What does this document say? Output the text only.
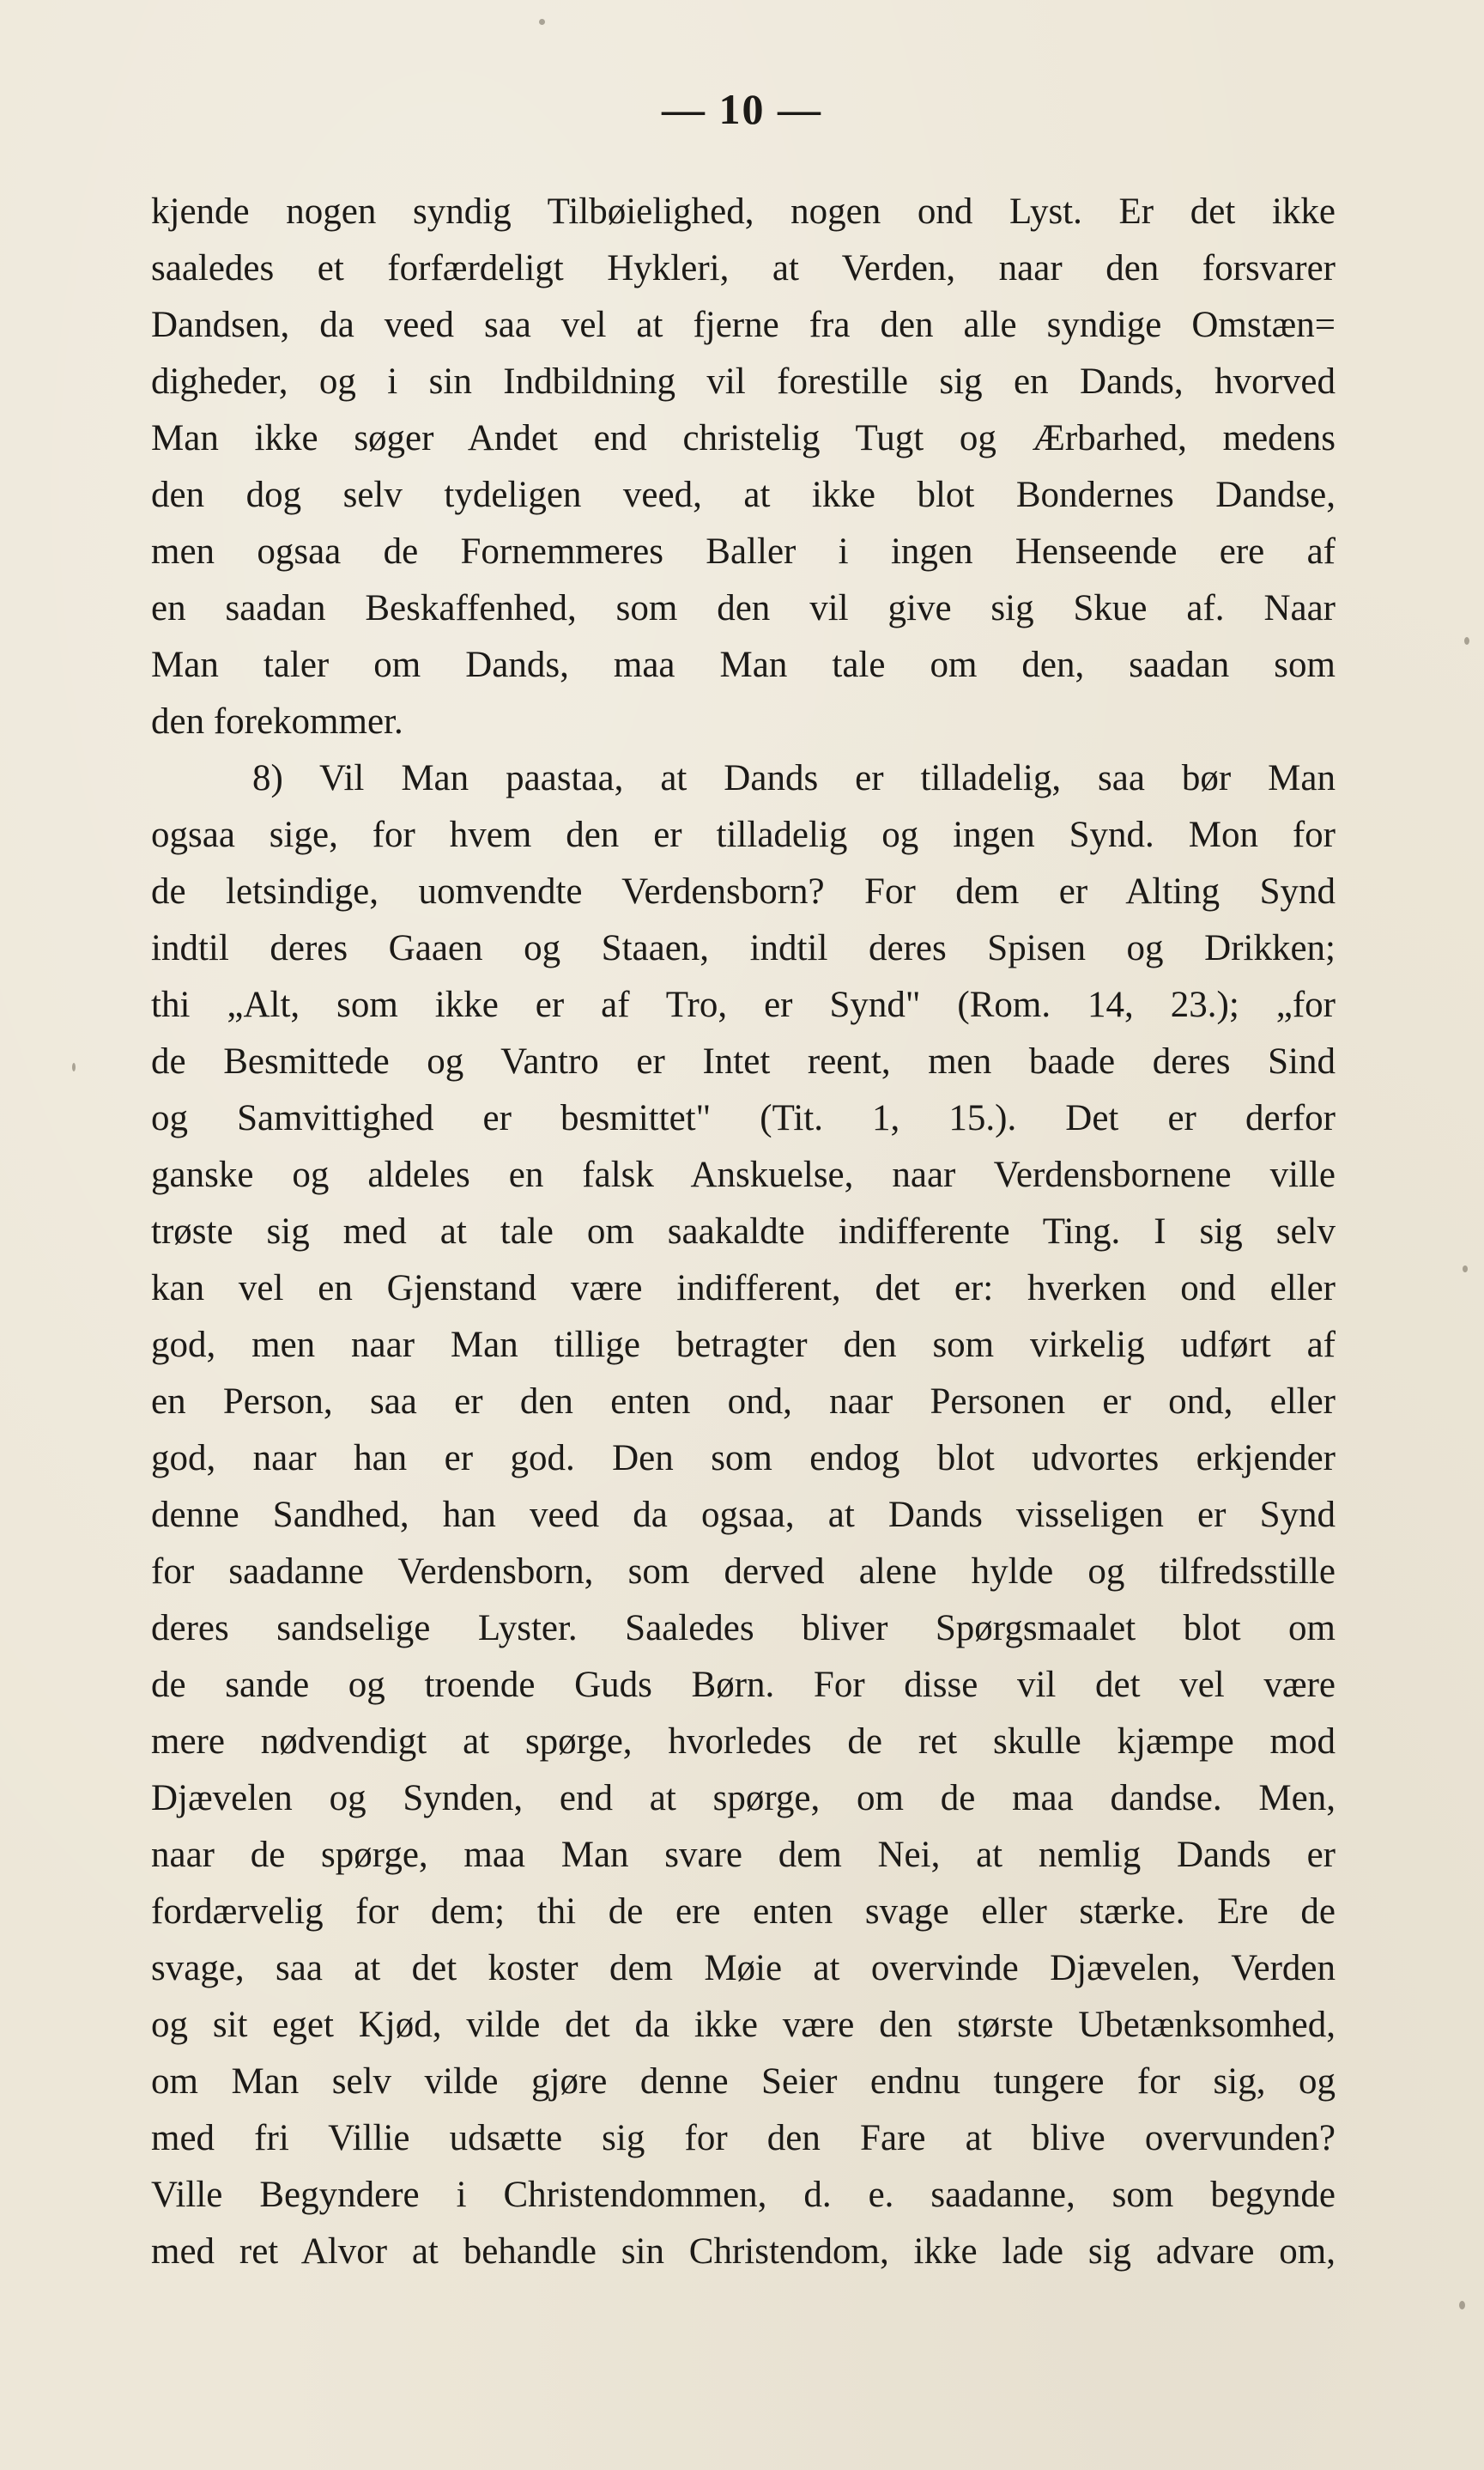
— 10 —
kjende nogen syndig Tilbøielighed, nogen ond Lyst. Er det ikke
saaledes et forfærdeligt Hykleri, at Verden, naar den forsvarer
Dandsen, da veed saa vel at fjerne fra den alle syndige Omstæn=
digheder, og i sin Indbildning vil forestille sig en Dands, hvorved
Man ikke søger Andet end christelig Tugt og Ærbarhed, medens
den dog selv tydeligen veed, at ikke blot Bondernes Dandse,
men ogsaa de Fornemmeres Baller i ingen Henseende ere af
en saadan Beskaffenhed, som den vil give sig Skue af. Naar
Man taler om Dands, maa Man tale om den, saadan som
den forekommer.
8) Vil Man paastaa, at Dands er tilladelig, saa bør Man
ogsaa sige, for hvem den er tilladelig og ingen Synd. Mon for
de letsindige, uomvendte Verdensborn? For dem er Alting Synd
indtil deres Gaaen og Staaen, indtil deres Spisen og Drikken;
thi „Alt, som ikke er af Tro, er Synd" (Rom. 14, 23.); „for
de Besmittede og Vantro er Intet reent, men baade deres Sind
og Samvittighed er besmittet" (Tit. 1, 15.). Det er derfor
ganske og aldeles en falsk Anskuelse, naar Verdensbornene ville
trøste sig med at tale om saakaldte indifferente Ting. I sig selv
kan vel en Gjenstand være indifferent, det er: hverken ond eller
god, men naar Man tillige betragter den som virkelig udført af
en Person, saa er den enten ond, naar Personen er ond, eller
god, naar han er god. Den som endog blot udvortes erkjender
denne Sandhed, han veed da ogsaa, at Dands visseligen er Synd
for saadanne Verdensborn, som derved alene hylde og tilfredsstille
deres sandselige Lyster. Saaledes bliver Spørgsmaalet blot om
de sande og troende Guds Børn. For disse vil det vel være
mere nødvendigt at spørge, hvorledes de ret skulle kjæmpe mod
Djævelen og Synden, end at spørge, om de maa dandse. Men,
naar de spørge, maa Man svare dem Nei, at nemlig Dands er
fordærvelig for dem; thi de ere enten svage eller stærke. Ere de
svage, saa at det koster dem Møie at overvinde Djævelen, Verden
og sit eget Kjød, vilde det da ikke være den største Ubetænksomhed,
om Man selv vilde gjøre denne Seier endnu tungere for sig, og
med fri Villie udsætte sig for den Fare at blive overvunden?
Ville Begyndere i Christendommen, d. e. saadanne, som begynde
med ret Alvor at behandle sin Christendom, ikke lade sig advare om,
